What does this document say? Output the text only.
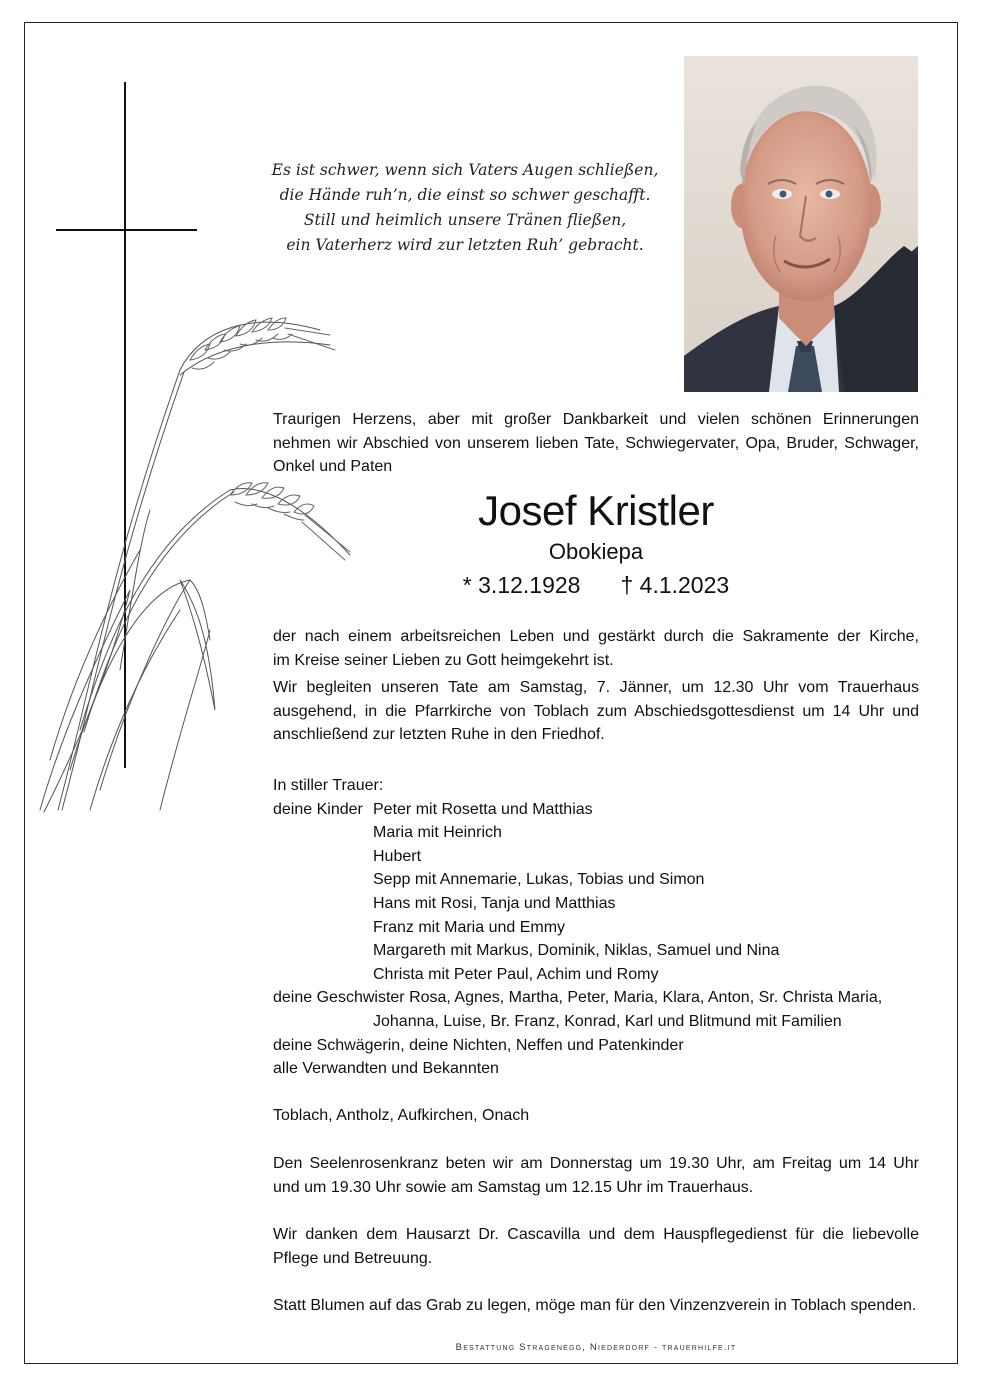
Es ist schwer, wenn sich Vaters Augen schließen,
die Hände ruh’n, die einst so schwer geschafft.
Still und heimlich unsere Tränen fließen,
ein Vaterherz wird zur letzten Ruh’ gebracht.
Traurigen Herzens, aber mit großer Dankbarkeit und vielen schönen Erinnerungen
nehmen wir Abschied von unserem lieben Tate, Schwiegervater, Opa, Bruder, Schwager,
Onkel und Paten
Josef Kristler
Obokiepa
* 3.12.1928 † 4.1.2023
der nach einem arbeitsreichen Leben und gestärkt durch die Sakramente der Kirche,
im Kreise seiner Lieben zu Gott heimgekehrt ist.
Wir begleiten unseren Tate am Samstag, 7. Jänner, um 12.30 Uhr vom Trauerhaus
ausgehend, in die Pfarrkirche von Toblach zum Abschiedsgottesdienst um 14 Uhr und
anschließend zur letzten Ruhe in den Friedhof.
In stiller Trauer:
deine Kinder Peter mit Rosetta und Matthias
Maria mit Heinrich
Hubert
Sepp mit Annemarie, Lukas, Tobias und Simon
Hans mit Rosi, Tanja und Matthias
Franz mit Maria und Emmy
Margareth mit Markus, Dominik, Niklas, Samuel und Nina
Christa mit Peter Paul, Achim und Romy
deine Geschwister Rosa, Agnes, Martha, Peter, Maria, Klara, Anton, Sr. Christa Maria,
Johanna, Luise, Br. Franz, Konrad, Karl und Blitmund mit Familien
deine Schwägerin, deine Nichten, Neffen und Patenkinder
alle Verwandten und Bekannten
Toblach, Antholz, Aufkirchen, Onach
Den Seelenrosenkranz beten wir am Donnerstag um 19.30 Uhr, am Freitag um 14 Uhr
und um 19.30 Uhr sowie am Samstag um 12.15 Uhr im Trauerhaus.
Wir danken dem Hausarzt Dr. Cascavilla und dem Hauspflegedienst für die liebevolle
Pflege und Betreuung.
Statt Blumen auf das Grab zu legen, möge man für den Vinzenzverein in Toblach spenden.
Bestattung Stragenegg, Niederdorf - trauerhilfe.it
